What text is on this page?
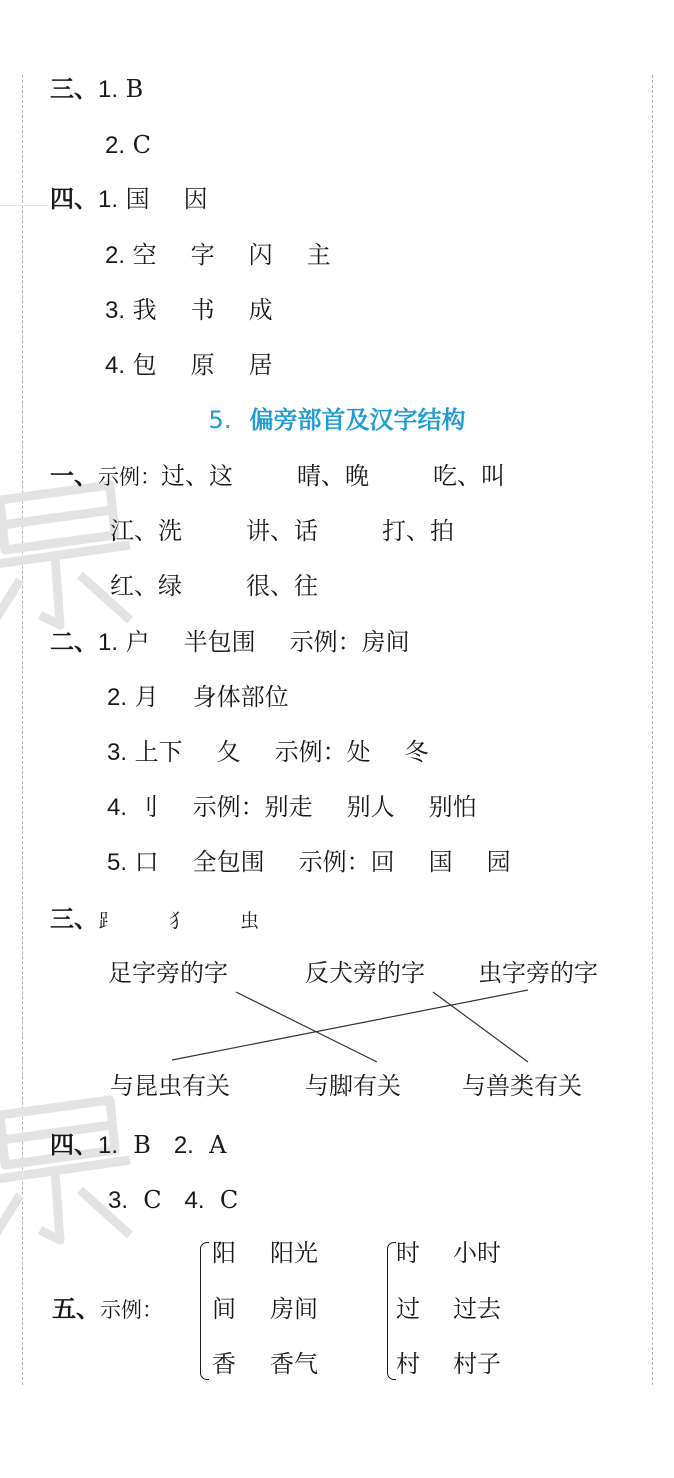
三、1. B
2. C
四、1. 国 因
2. 空 字 闪 主
3. 我 书 成
4. 包 原 居
5. 偏旁部首及汉字结构
一、示例：过、这	晴、晚	吃、叫
江、洗	讲、话	打、拍
红、绿	很、往
二、1. 户 半包围 示例：房间
2. 月 身体部位
3. 上下 夂 示例：处 冬
4. 刂 示例：别走 别人 别怕
5. 口 全包围 示例：回 国 园
三、⻊	犭	虫
足字旁的字	反犬旁的字 虫字旁的字
与昆虫有关	与脚有关	与兽类有关
四、1. B 2. A
3. C 4. C
五、示例：
阳 阳光
间 房间
香 香气
时 小时
过 过去
村 村子
